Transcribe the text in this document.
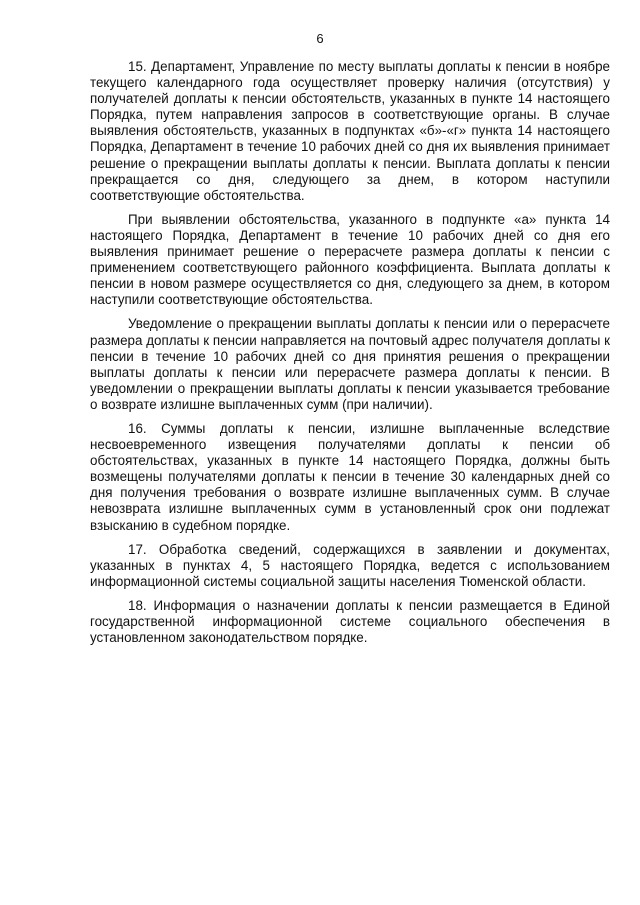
6

15. Департамент, Управление по месту выплаты доплаты к пенсии в ноябре текущего календарного года осуществляет проверку наличия (отсутствия) у получателей доплаты к пенсии обстоятельств, указанных в пункте 14 настоящего Порядка, путем направления запросов в соответствующие органы. В случае выявления обстоятельств, указанных в подпунктах «б»-«г» пункта 14 настоящего Порядка, Департамент в течение 10 рабочих дней со дня их выявления принимает решение о прекращении выплаты доплаты к пенсии. Выплата доплаты к пенсии прекращается со дня, следующего за днем, в котором наступили соответствующие обстоятельства.

При выявлении обстоятельства, указанного в подпункте «а» пункта 14 настоящего Порядка, Департамент в течение 10 рабочих дней со дня его выявления принимает решение о перерасчете размера доплаты к пенсии с применением соответствующего районного коэффициента. Выплата доплаты к пенсии в новом размере осуществляется со дня, следующего за днем, в котором наступили соответствующие обстоятельства.

Уведомление о прекращении выплаты доплаты к пенсии или о перерасчете размера доплаты к пенсии направляется на почтовый адрес получателя доплаты к пенсии в течение 10 рабочих дней со дня принятия решения о прекращении выплаты доплаты к пенсии или перерасчете размера доплаты к пенсии. В уведомлении о прекращении выплаты доплаты к пенсии указывается требование о возврате излишне выплаченных сумм (при наличии).

16. Суммы доплаты к пенсии, излишне выплаченные вследствие несвоевременного извещения получателями доплаты к пенсии об обстоятельствах, указанных в пункте 14 настоящего Порядка, должны быть возмещены получателями доплаты к пенсии в течение 30 календарных дней со дня получения требования о возврате излишне выплаченных сумм. В случае невозврата излишне выплаченных сумм в установленный срок они подлежат взысканию в судебном порядке.

17. Обработка сведений, содержащихся в заявлении и документах, указанных в пунктах 4, 5 настоящего Порядка, ведется с использованием информационной системы социальной защиты населения Тюменской области.

18. Информация о назначении доплаты к пенсии размещается в Единой государственной информационной системе социального обеспечения в установленном законодательством порядке.
